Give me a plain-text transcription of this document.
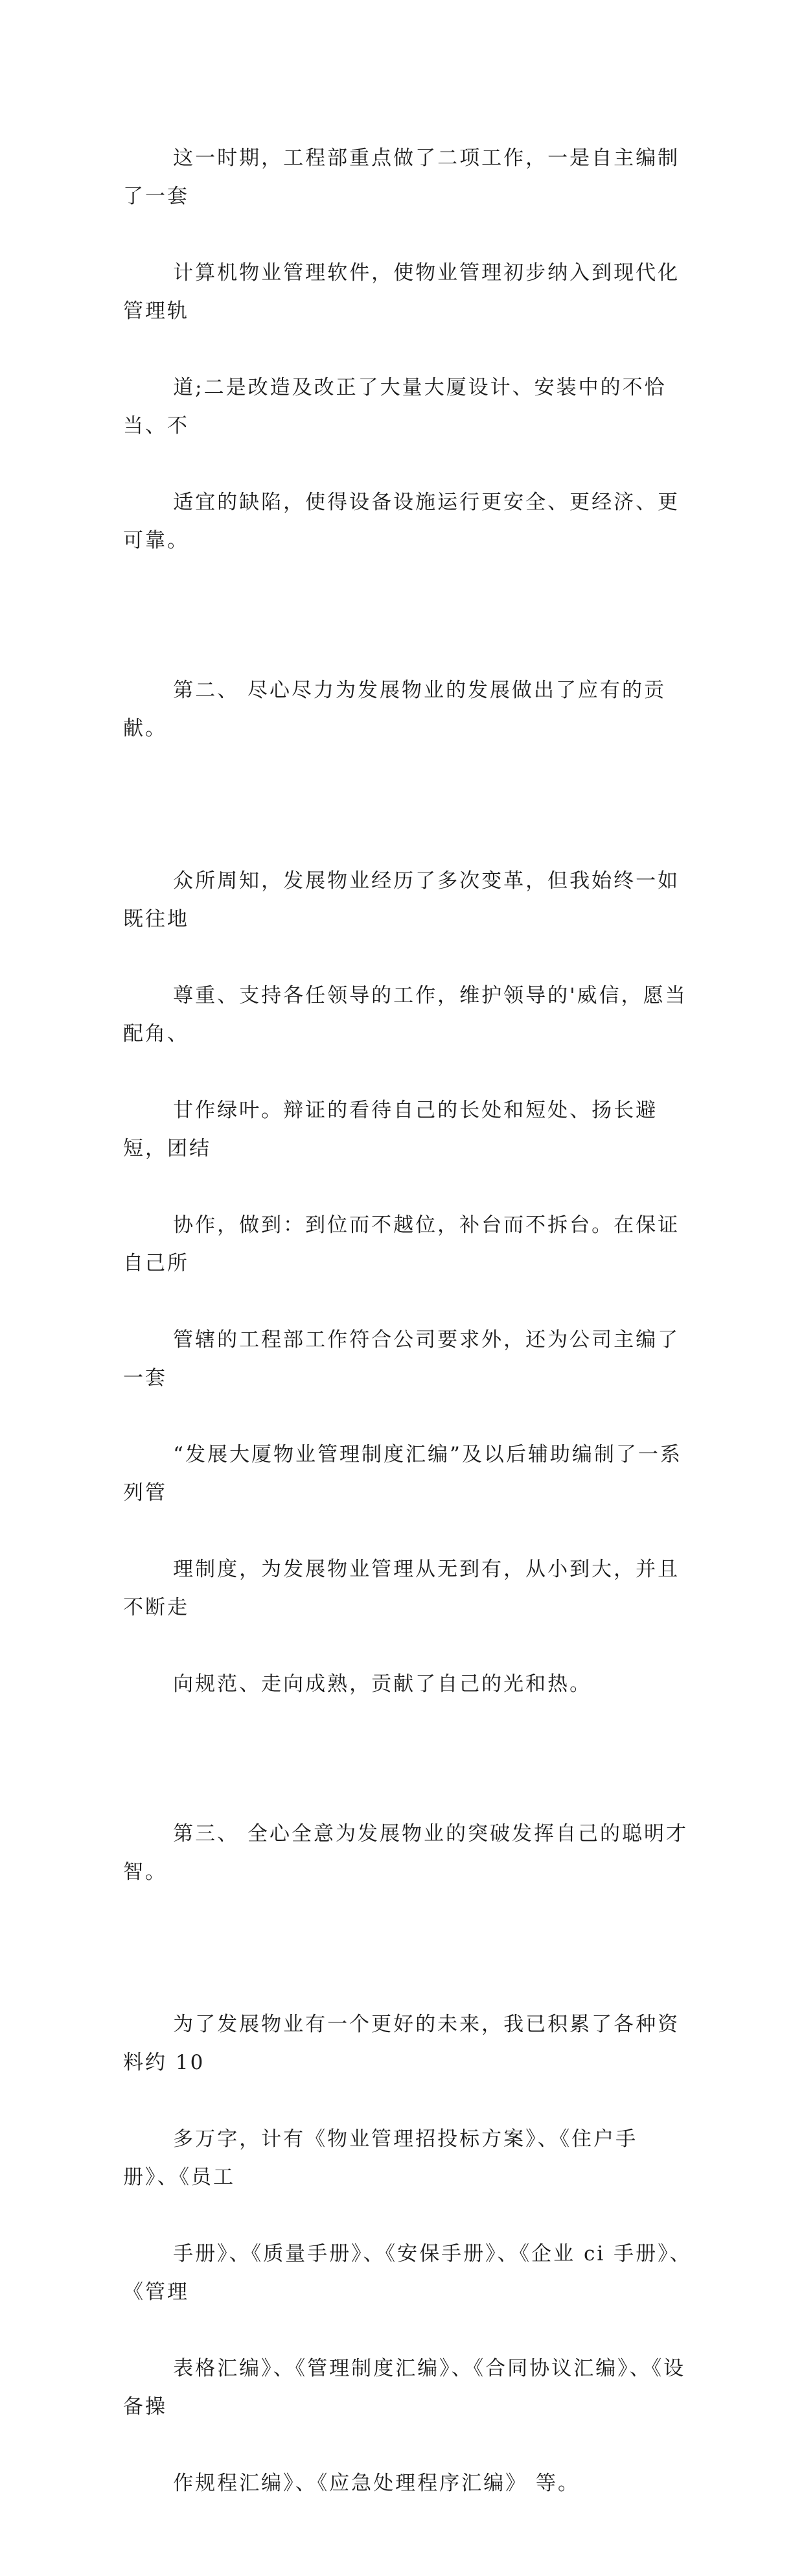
这一时期，工程部重点做了二项工作，一是自主编制了一套

计算机物业管理软件，使物业管理初步纳入到现代化管理轨

道;二是改造及改正了大量大厦设计、安装中的不恰当、不

适宜的缺陷，使得设备设施运行更安全、更经济、更可靠。

第二、 尽心尽力为发展物业的发展做出了应有的贡献。

众所周知，发展物业经历了多次变革，但我始终一如既往地

尊重、支持各任领导的工作，维护领导的'威信，愿当配角、

甘作绿叶。辩证的看待自己的长处和短处、扬长避短，团结

协作，做到：到位而不越位，补台而不拆台。在保证自己所

管辖的工程部工作符合公司要求外，还为公司主编了一套

“发展大厦物业管理制度汇编”及以后辅助编制了一系列管

理制度，为发展物业管理从无到有，从小到大，并且不断走

向规范、走向成熟，贡献了自己的光和热。

第三、 全心全意为发展物业的突破发挥自己的聪明才智。

为了发展物业有一个更好的未来，我已积累了各种资料约 10

多万字，计有《物业管理招投标方案》、《住户手册》、《员工

手册》、《质量手册》、《安保手册》、《企业 ci 手册》、《管理

表格汇编》、《管理制度汇编》、《合同协议汇编》、《设备操

作规程汇编》、《应急处理程序汇编》 等。
